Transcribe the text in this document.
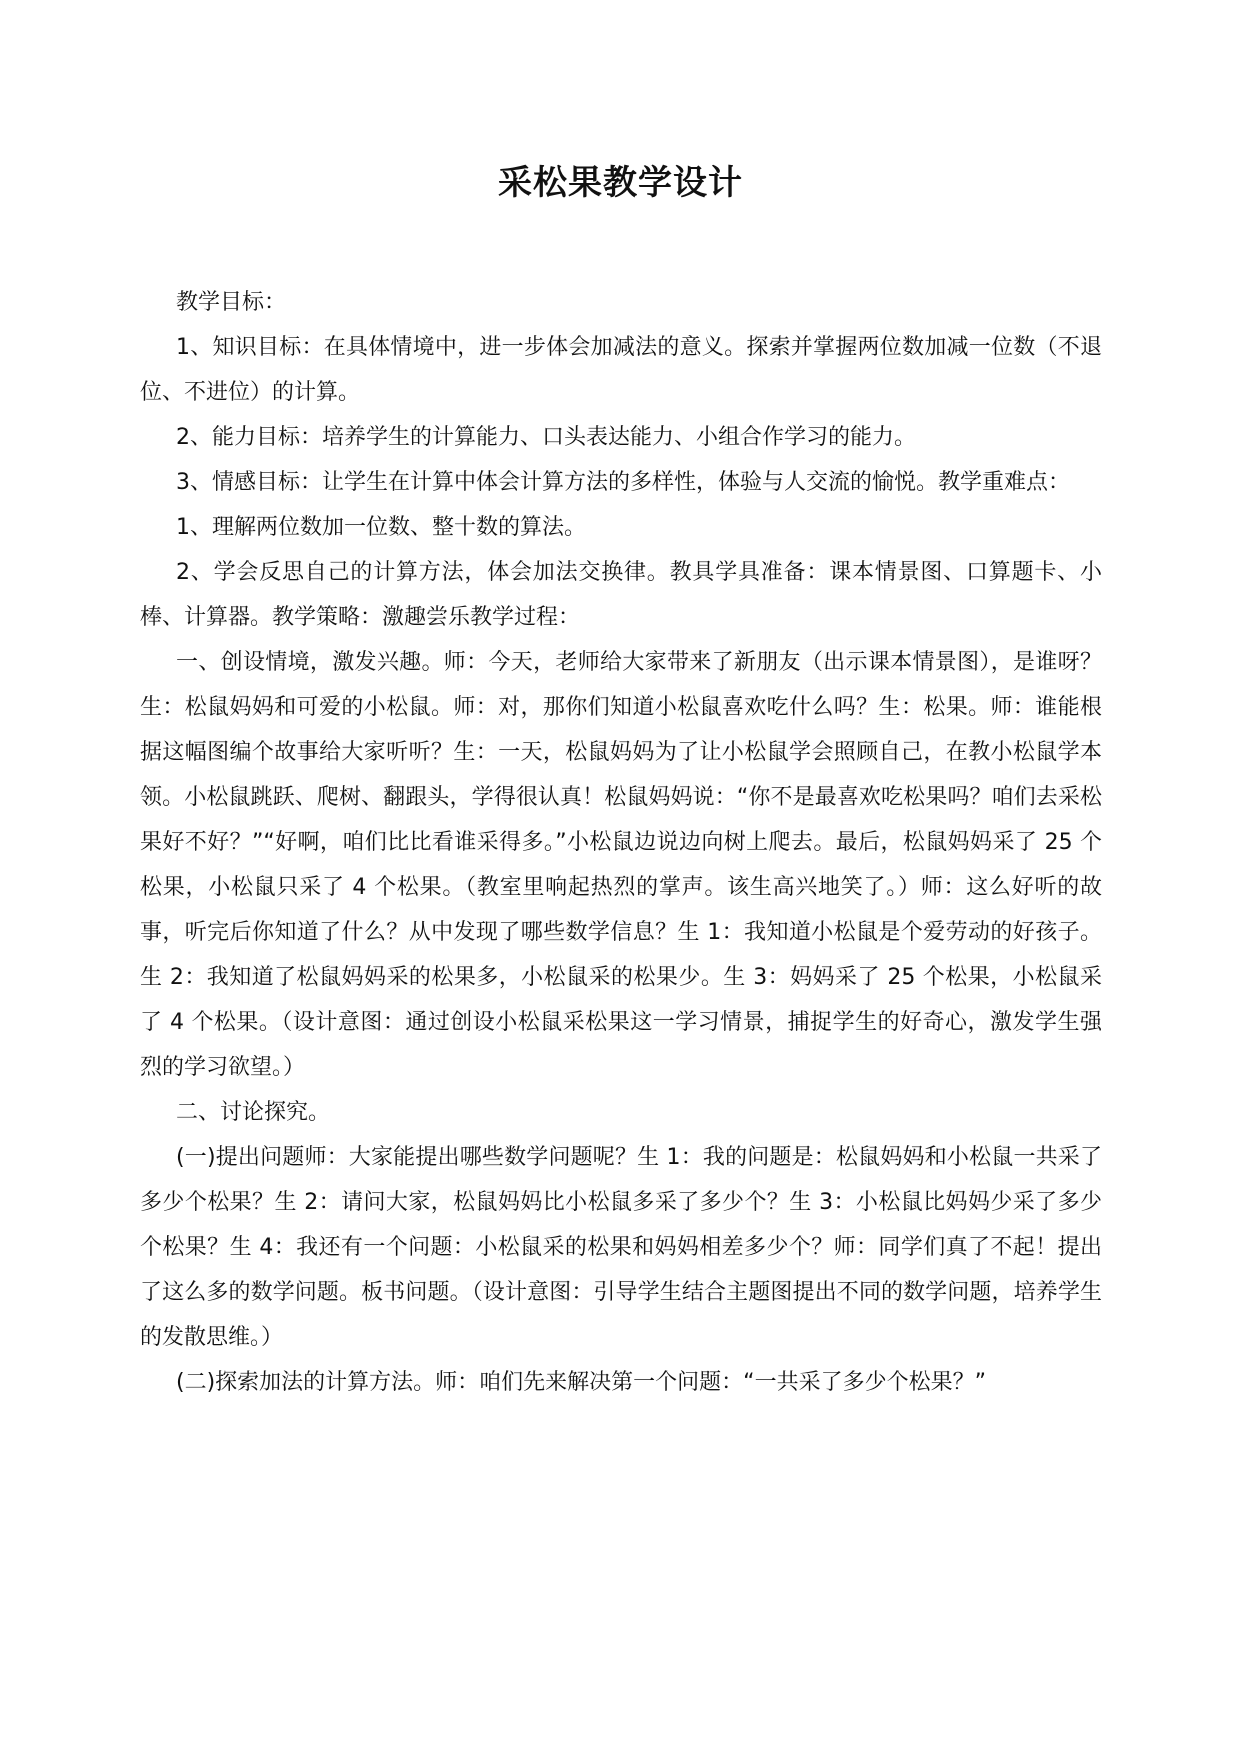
采松果教学设计

教学目标：

1、知识目标：在具体情境中，进一步体会加减法的意义。探索并掌握两位数加减一位数（不退位、不进位）的计算。

2、能力目标：培养学生的计算能力、口头表达能力、小组合作学习的能力。

3、情感目标：让学生在计算中体会计算方法的多样性，体验与人交流的愉悦。教学重难点：

1、理解两位数加一位数、整十数的算法。

2、学会反思自己的计算方法，体会加法交换律。教具学具准备：课本情景图、口算题卡、小棒、计算器。教学策略：激趣尝乐教学过程：

一、创设情境，激发兴趣。师：今天，老师给大家带来了新朋友（出示课本情景图），是谁呀？生：松鼠妈妈和可爱的小松鼠。师：对，那你们知道小松鼠喜欢吃什么吗？生：松果。师：谁能根据这幅图编个故事给大家听听？生：一天，松鼠妈妈为了让小松鼠学会照顾自己，在教小松鼠学本领。小松鼠跳跃、爬树、翻跟头，学得很认真！松鼠妈妈说：“你不是最喜欢吃松果吗？咱们去采松果好不好？”“好啊，咱们比比看谁采得多。”小松鼠边说边向树上爬去。最后，松鼠妈妈采了 25 个松果，小松鼠只采了 4 个松果。（教室里响起热烈的掌声。该生高兴地笑了。）师：这么好听的故事，听完后你知道了什么？从中发现了哪些数学信息？生 1：我知道小松鼠是个爱劳动的好孩子。生 2：我知道了松鼠妈妈采的松果多，小松鼠采的松果少。生 3：妈妈采了 25 个松果，小松鼠采了 4 个松果。（设计意图：通过创设小松鼠采松果这一学习情景，捕捉学生的好奇心，激发学生强烈的学习欲望。）

二、讨论探究。

(一)提出问题师：大家能提出哪些数学问题呢？生 1：我的问题是：松鼠妈妈和小松鼠一共采了多少个松果？生 2：请问大家，松鼠妈妈比小松鼠多采了多少个？生 3：小松鼠比妈妈少采了多少个松果？生 4：我还有一个问题：小松鼠采的松果和妈妈相差多少个？师：同学们真了不起！提出了这么多的数学问题。板书问题。（设计意图：引导学生结合主题图提出不同的数学问题，培养学生的发散思维。）

(二)探索加法的计算方法。师：咱们先来解决第一个问题：“一共采了多少个松果？”
